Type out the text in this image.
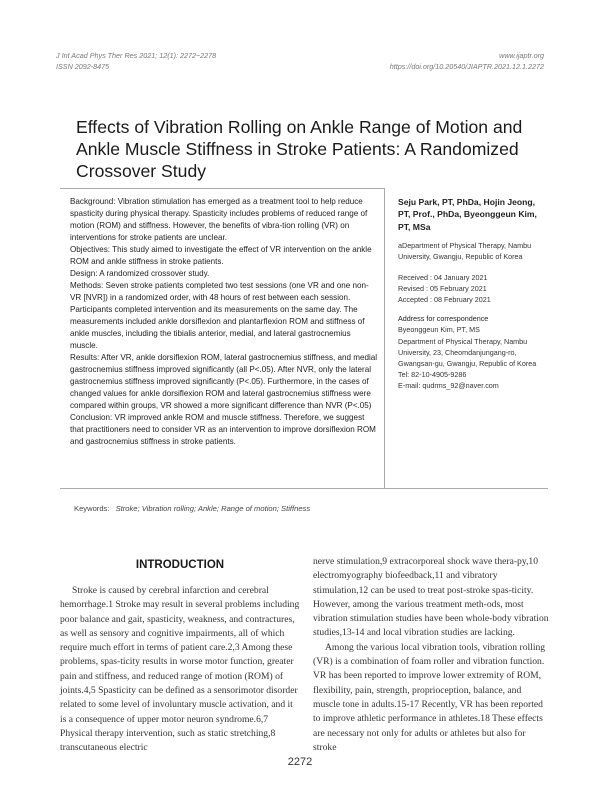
J Int Acad Phys Ther Res 2021; 12(1): 2272~2278
ISSN 2092-8475
www.ijaptr.org
https://doi.org/10.20540/JIAPTR.2021.12.1.2272
Effects of Vibration Rolling on Ankle Range of Motion and Ankle Muscle Stiffness in Stroke Patients: A Randomized Crossover Study

Background: Vibration stimulation has emerged as a treatment tool to help reduce spasticity during physical therapy. Spasticity includes problems of reduced range of motion (ROM) and stiffness. However, the benefits of vibra-tion rolling (VR) on interventions for stroke patients are unclear.

Objectives: This study aimed to investigate the effect of VR intervention on the ankle ROM and ankle stiffness in stroke patients.

Design: A randomized crossover study.

Methods: Seven stroke patients completed two test sessions (one VR and one non-VR [NVR]) in a randomized order, with 48 hours of rest between each session. Participants completed intervention and its measurements on the same day. The measurements included ankle dorsiflexion and plantarflexion ROM and stiffness of ankle muscles, including the tibialis anterior, medial, and lateral gastrocnemius muscle.

Results: After VR, ankle dorsiflexion ROM, lateral gastrocnemius stiffness, and medial gastrocnemius stiffness improved significantly (all P<.05). After NVR, only the lateral gastrocnemius stiffness improved significantly (P<.05). Furthermore, in the cases of changed values for ankle dorsiflexion ROM and lateral gastrocnemius stiffness were compared within groups, VR showed a more significant difference than NVR (P<.05)

Conclusion: VR improved ankle ROM and muscle stiffness. Therefore, we suggest that practitioners need to consider VR as an intervention to improve dorsiflexion ROM and gastrocnemius stiffness in stroke patients.

Seju Park, PT, PhDa, Hojin Jeong, PT, Prof., PhDa, Byeonggeun Kim, PT, MSa
aDepartment of Physical Therapy, Nambu University, Gwangju, Republic of Korea
Received : 04 January 2021
Revised : 05 February 2021
Accepted : 08 February 2021
Address for correspondence
Byeonggeun Kim, PT, MS
Department of Physical Therapy, Nambu University, 23, Cheomdanjungang-ro, Gwangsan-gu, Gwangju, Republic of Korea
Tel: 82-10-4905-9286
E-mail: qudrms_92@naver.com
Keywords: Stroke; Vibration rolling; Ankle; Range of motion; Stiffness
INTRODUCTION

Stroke is caused by cerebral infarction and cerebral hemorrhage.1 Stroke may result in several problems including poor balance and gait, spasticity, weakness, and contractures, as well as sensory and cognitive impairments, all of which require much effort in terms of patient care.2,3 Among these problems, spas-ticity results in worse motor function, greater pain and stiffness, and reduced range of motion (ROM) of joints.4,5 Spasticity can be defined as a sensorimotor disorder related to some level of involuntary muscle activation, and it is a consequence of upper motor neuron syndrome.6,7 Physical therapy intervention, such as static stretching,8 transcutaneous electric

nerve stimulation,9 extracorporeal shock wave thera-py,10 electromyography biofeedback,11 and vibratory stimulation,12 can be used to treat post-stroke spas-ticity. However, among the various treatment meth-ods, most vibration stimulation studies have been whole-body vibration studies,13-14 and local vibration studies are lacking.

Among the various local vibration tools, vibration rolling (VR) is a combination of foam roller and vibration function. VR has been reported to improve lower extremity of ROM, flexibility, pain, strength, proprioception, balance, and muscle tone in adults.15-17 Recently, VR has been reported to improve athletic performance in athletes.18 These effects are necessary not only for adults or athletes but also for stroke

2272
